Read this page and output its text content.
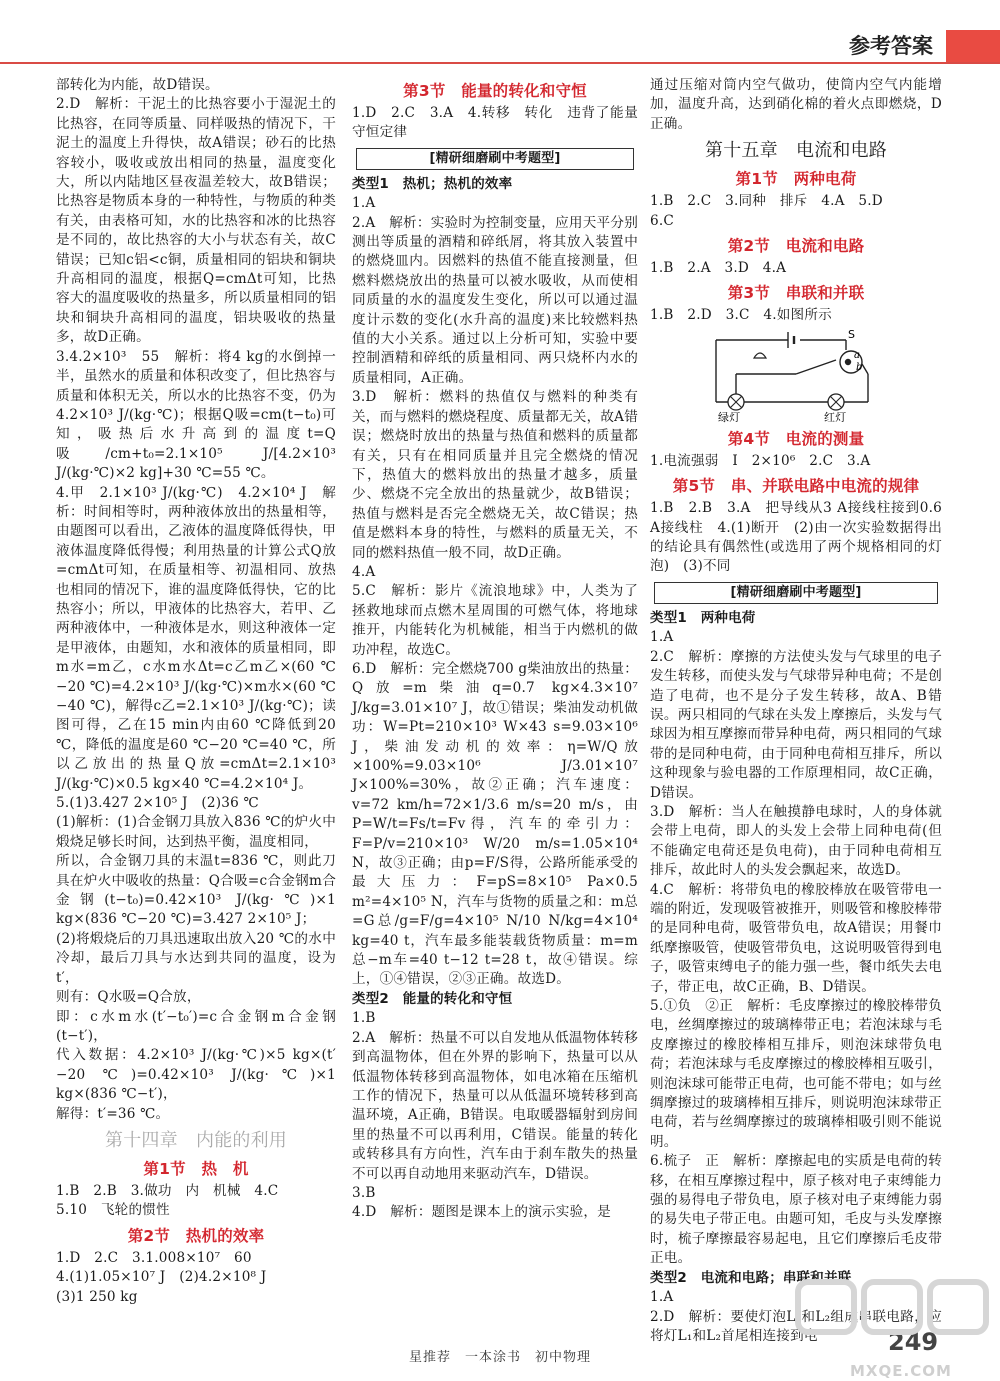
参考答案

部转化为内能，故D错误。

2.D　解析：干泥土的比热容要小于湿泥土的比热容，在同等质量、同样吸热的情况下，干泥土的温度上升得快，故A错误；砂石的比热容较小，吸收或放出相同的热量，温度变化大，所以内陆地区昼夜温差较大，故B错误；比热容是物质本身的一种特性，与物质的种类有关，由表格可知，水的比热容和冰的比热容是不同的，故比热容的大小与状态有关，故C错误；已知c铝<c铜，质量相同的铝块和铜块升高相同的温度，根据Q=cmΔt可知，比热容大的温度吸收的热量多，所以质量相同的铝块和铜块升高相同的温度，铝块吸收的热量多，故D正确。

3.4.2×10³　55　解析：将4 kg的水倒掉一半，虽然水的质量和体积改变了，但比热容与质量和体积无关，所以水的比热容不变，仍为4.2×10³ J/(kg·℃)；根据Q吸=cm(t−t₀)可知，吸热后水升高到的温度t=Q吸/cm+t₀=2.1×10⁵ J/[4.2×10³ J/(kg·℃)×2 kg]+30 ℃=55 ℃。

4.甲　2.1×10³ J/(kg·℃)　4.2×10⁴ J　解析：时间相等时，两种液体放出的热量相等，由题图可以看出，乙液体的温度降低得快，甲液体温度降低得慢；利用热量的计算公式Q放=cmΔt可知，在质量相等、初温相同、放热也相同的情况下，谁的温度降低得快，它的比热容小；所以，甲液体的比热容大，若甲、乙两种液体中，一种液体是水，则这种液体一定是甲液体，由题知，水和液体的质量相同，即m水=m乙，c水m水Δt=c乙m乙×(60 ℃−20 ℃)=4.2×10³ J/(kg·℃)×m水×(60 ℃−40 ℃)，解得c乙=2.1×10³ J/(kg·℃)；读图可得，乙在15 min内由60 ℃降低到20 ℃，降低的温度是60 ℃−20 ℃=40 ℃，所以乙放出的热量Q放=cmΔt=2.1×10³ J/(kg·℃)×0.5 kg×40 ℃=4.2×10⁴ J。

5.(1)3.427 2×10⁵ J　(2)36 ℃

(1)解析：(1)合金钢刀具放入836 ℃的炉火中煅烧足够长时间，达到热平衡，温度相同，

所以，合金钢刀具的末温t=836 ℃，则此刀具在炉火中吸收的热量：Q合吸=c合金钢m合金钢(t−t₀)=0.42×10³ J/(kg·℃)×1 kg×(836 ℃−20 ℃)=3.427 2×10⁵ J；

(2)将煅烧后的刀具迅速取出放入20 ℃的水中冷却，最后刀具与水达到共同的温度，设为t′，

则有：Q水吸=Q合放，

即：c水m水(t′−t₀′)=c合金钢m合金钢(t−t′)，

代入数据：4.2×10³ J/(kg·℃)×5 kg×(t′−20 ℃)=0.42×10³ J/(kg·℃)×1 kg×(836 ℃−t′)，

解得：t′=36 ℃。

第十四章　内能的利用
第1节　热　机

1.B　2.B　3.做功　内　机械　4.C
5.10　飞轮的惯性

第2节　热机的效率

1.D　2.C　3.1.008×10⁷　60
4.(1)1.05×10⁷ J　(2)4.2×10⁸ J
(3)1 250 kg

第3节　能量的转化和守恒

1.D　2.C　3.A　4.转移　转化　违背了能量守恒定律

[精研细磨刷中考题型]
类型1　热机；热机的效率

1.A

2.A　解析：实验时为控制变量，应用天平分别测出等质量的酒精和碎纸屑，将其放入装置中的燃烧皿内。因燃料的热值不能直接测量，但燃料燃烧放出的热量可以被水吸收，从而使相同质量的水的温度发生变化，所以可以通过温度计示数的变化(水升高的温度)来比较燃料热值的大小关系。通过以上分析可知，实验中要控制酒精和碎纸的质量相同、两只烧杯内水的质量相同，A正确。

3.D　解析：燃料的热值仅与燃料的种类有关，而与燃料的燃烧程度、质量都无关，故A错误；燃烧时放出的热量与热值和燃料的质量都有关，只有在相同质量并且完全燃烧的情况下，热值大的燃料放出的热量才越多，质量少、燃烧不完全放出的热量就少，故B错误；热值与燃料是否完全燃烧无关，故C错误；热值是燃料本身的特性，与燃料的质量无关，不同的燃料热值一般不同，故D正确。

4.A

5.C　解析：影片《流浪地球》中，人类为了拯救地球而点燃木星周围的可燃气体，将地球推开，内能转化为机械能，相当于内燃机的做功冲程，故选C。

6.D　解析：完全燃烧700 g柴油放出的热量：Q放=m柴油q=0.7 kg×4.3×10⁷ J/kg=3.01×10⁷ J，故①错误；柴油发动机做功：W=Pt=210×10³ W×43 s=9.03×10⁶ J，柴油发动机的效率：η=W/Q放×100%=9.03×10⁶ J/3.01×10⁷ J×100%=30%，故②正确；汽车速度：v=72 km/h=72×1/3.6 m/s=20 m/s，由P=W/t=Fs/t=Fv得，汽车的牵引力：F=P/v=210×10³ W/20 m/s=1.05×10⁴ N，故③正确；由p=F/S得，公路所能承受的最大压力：F=pS=8×10⁵ Pa×0.5 m²=4×10⁵ N，汽车与货物的质量之和：m总=G总/g=F/g=4×10⁵ N/10 N/kg=4×10⁴ kg=40 t，汽车最多能装载货物质量：m=m总−m车=40 t−12 t=28 t，故④错误。综上，①④错误，②③正确。故选D。

类型2　能量的转化和守恒

1.B

2.A　解析：热量不可以自发地从低温物体转移到高温物体，但在外界的影响下，热量可以从低温物体转移到高温物体，如电冰箱在压缩机工作的情况下，热量可以从低温环境转移到高温环境，A正确，B错误。电取暖器辐射到房间里的热量不可以再利用，C错误。能量的转化或转移具有方向性，汽车由于刹车散失的热量不可以再自动地用来驱动汽车，D错误。

3.B

4.D　解析：题图是课本上的演示实验，是

通过压缩对筒内空气做功，使筒内空气内能增加，温度升高，达到硝化棉的着火点即燃烧，D正确。

第十五章　电流和电路
第1节　两种电荷

1.B　2.C　3.同种　排斥　4.A　5.D
6.C

第2节　电流和电路

1.B　2.A　3.D　4.A

第3节　串联和并联

1.B　2.D　3.C　4.如图所示

S
a
b
绿灯	红灯
第4节　电流的测量

1.电流强弱　I　2×10⁶　2.C　3.A

第5节　串、并联电路中电流的规律

1.B　2.B　3.A　把导线从3 A接线柱接到0.6 A接线柱　4.(1)断开　(2)由一次实验数据得出的结论具有偶然性(或选用了两个规格相同的灯泡)　(3)不同

[精研细磨刷中考题型]
类型1　两种电荷

1.A

2.C　解析：摩擦的方法使头发与气球里的电子发生转移，而使头发与气球带异种电荷；不是创造了电荷，也不是分子发生转移，故A、B错误。两只相同的气球在头发上摩擦后，头发与气球因为相互摩擦而带异种电荷，两只相同的气球带的是同种电荷，由于同种电荷相互排斥，所以这种现象与验电器的工作原理相同，故C正确，D错误。

3.D　解析：当人在触摸静电球时，人的身体就会带上电荷，即人的头发上会带上同种电荷(但不能确定电荷还是负电荷)，由于同种电荷相互排斥，故此时人的头发会飘起来，故选D。

4.C　解析：将带负电的橡胶棒放在吸管带电一端的附近，发现吸管被推开，则吸管和橡胶棒带的是同种电荷，吸管带负电，故A错误；用餐巾纸摩擦吸管，使吸管带负电，这说明吸管得到电子，吸管束缚电子的能力强一些，餐巾纸失去电子，带正电，故C正确，B、D错误。

5.①负　②正　解析：毛皮摩擦过的橡胶棒带负电，丝绸摩擦过的玻璃棒带正电；若泡沫球与毛皮摩擦过的橡胶棒相互排斥，则泡沫球带负电荷；若泡沫球与毛皮摩擦过的橡胶棒相互吸引，则泡沫球可能带正电荷，也可能不带电；如与丝绸摩擦过的玻璃棒相互排斥，则说明泡沫球带正电荷，若与丝绸摩擦过的玻璃棒相吸引则不能说明。

6.梳子　正　解析：摩擦起电的实质是电荷的转移，在相互摩擦过程中，原子核对电子束缚能力强的易得电子带负电，原子核对电子束缚能力弱的易失电子带正电。由题可知，毛皮与头发摩擦时，梳子摩擦最容易起电，且它们摩擦后毛皮带正电。

类型2　电流和电路；串联和并联

1.A

2.D　解析：要使灯泡L₁和L₂组成串联电路，应将灯L₁和L₂首尾相连接到电

星推荐　一本涂书　初中物理
249
MXQE.COM
